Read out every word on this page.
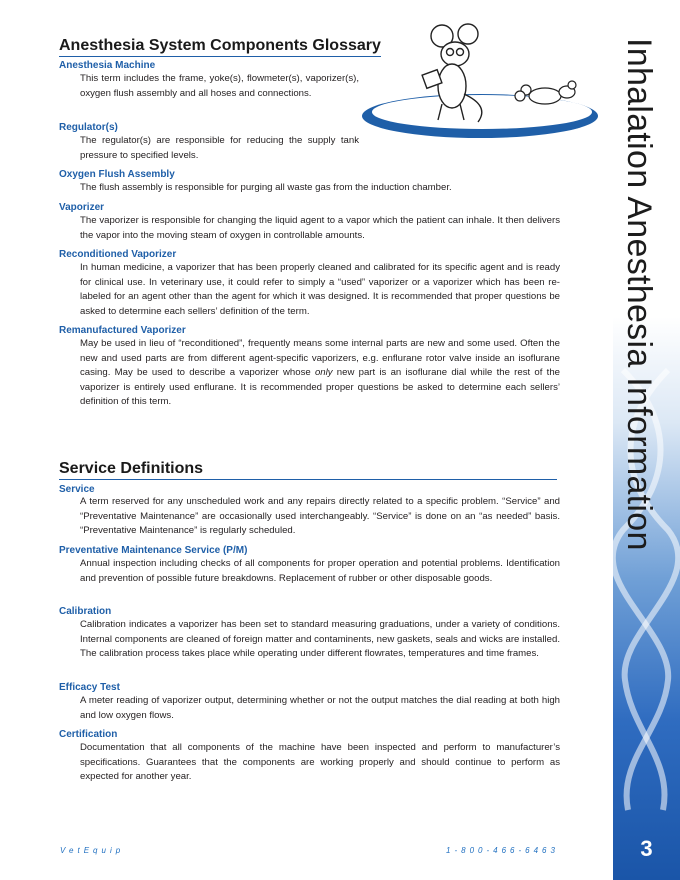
Anesthesia System Components Glossary
Anesthesia Machine
This term includes the frame, yoke(s), flowmeter(s), vaporizer(s), oxygen flush assembly and all hoses and connections.
Regulator(s)
The regulator(s) are responsible for reducing the supply tank pressure to specified levels.
Oxygen Flush Assembly
The flush assembly is responsible for purging all waste gas from the induction chamber.
Vaporizer
The vaporizer is responsible for changing the liquid agent to a vapor which the patient can inhale. It then delivers the vapor into the moving steam of oxygen in controllable amounts.
Reconditioned Vaporizer
In human medicine, a vaporizer that has been properly cleaned and calibrated for its specific agent and is ready for clinical use. In veterinary use, it could refer to simply a “used” vaporizer or a vaporizer which has been re-labeled for an agent other than the agent for which it was designed. It is recommended that proper questions be asked to determine each sellers’ definition of the term.
Remanufactured Vaporizer
May be used in lieu of “reconditioned”, frequently means some internal parts are new and some used. Often the new and used parts are from different agent-specific vaporizers, e.g. enflurane rotor valve inside an isoflurane casing. May be used to describe a vaporizer whose only new part is an isoflurane dial while the rest of the vaporizer is entirely used enflurane. It is recommended proper questions be asked to determine each sellers’ definition of this term.
Service Definitions
Service
A term reserved for any unscheduled work and any repairs directly related to a specific problem. “Service” and “Preventative Maintenance” are occasionally used interchangeably. “Service” is done on an “as needed” basis. “Preventative Maintenance” is regularly scheduled.
Preventative Maintenance Service (P/M)
Annual inspection including checks of all components for proper operation and potential problems. Identification and prevention of possible future breakdowns. Replacement of rubber or other disposable goods.
Calibration
Calibration indicates a vaporizer has been set to standard measuring graduations, under a variety of conditions. Internal components are cleaned of foreign matter and contaminents, new gaskets, seals and wicks are installed. The calibration process takes place while operating under different flowrates, temperatures and time frames.
Efficacy Test
A meter reading of vaporizer output, determining whether or not the output matches the dial reading at both high and low oxygen flows.
Certification
Documentation that all components of the machine have been inspected and perform to manufacturer’s specifications. Guarantees that the components are working properly and should continue to perform as expected for another year.
Inhalation Anesthesia Information
3
VetEquip	1-800-466-6463
